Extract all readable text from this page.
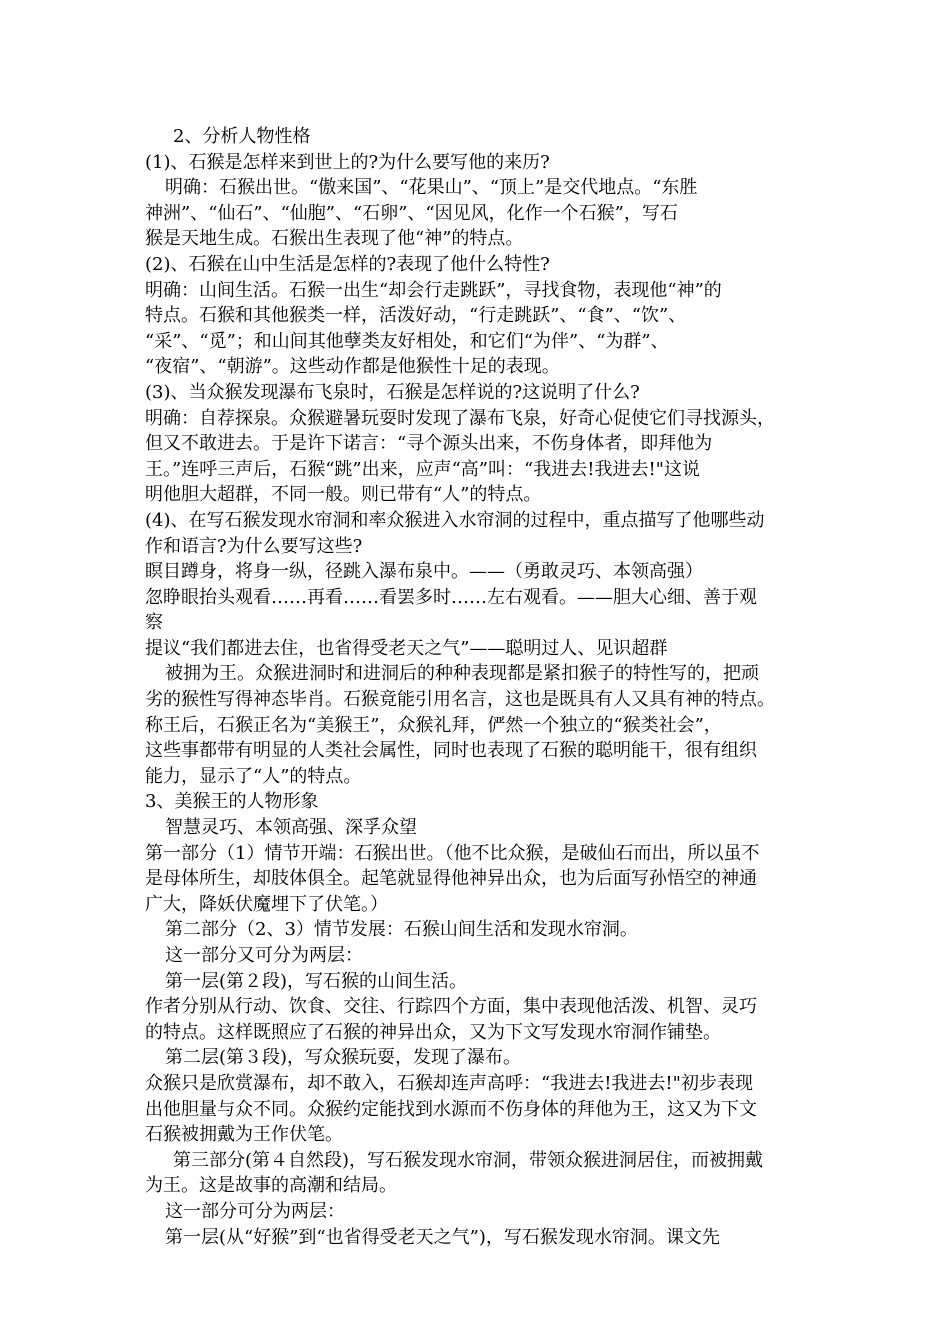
2、分析人物性格
(1)、石猴是怎样来到世上的?为什么要写他的来历?
明确：石猴出世。“傲来国”、“花果山”、“顶上”是交代地点。“东胜
神洲”、“仙石”、“仙胞”、“石卵”、“因见风，化作一个石猴”，写石
猴是天地生成。石猴出生表现了他“神”的特点。
(2)、石猴在山中生活是怎样的?表现了他什么特性?
明确：山间生活。石猴一出生“却会行走跳跃”，寻找食物，表现他“神”的
特点。石猴和其他猴类一样，活泼好动，“行走跳跃”、“食”、“饮”、
“采”、“觅”；和山间其他孽类友好相处，和它们“为伴”、“为群”、
“夜宿”、“朝游”。这些动作都是他猴性十足的表现。
(3)、当众猴发现瀑布飞泉时，石猴是怎样说的?这说明了什么?
明确：自荐探泉。众猴避暑玩耍时发现了瀑布飞泉，好奇心促使它们寻找源头，
但又不敢进去。于是许下诺言：“寻个源头出来，不伤身体者，即拜他为
王。”连呼三声后，石猴“跳”出来，应声“高”叫：“我进去!我进去!"这说
明他胆大超群，不同一般。则已带有“人”的特点。
(4)、在写石猴发现水帘洞和率众猴进入水帘洞的过程中，重点描写了他哪些动
作和语言?为什么要写这些?
瞑目蹲身，将身一纵，径跳入瀑布泉中。——（勇敢灵巧、本领高强）
忽睁眼抬头观看……再看……看罢多时……左右观看。——胆大心细、善于观
察
提议“我们都进去住，也省得受老天之气”——聪明过人、见识超群
被拥为王。众猴进洞时和进洞后的种种表现都是紧扣猴子的特性写的，把顽
劣的猴性写得神态毕肖。石猴竟能引用名言，这也是既具有人又具有神的特点。
称王后，石猴正名为“美猴王”，众猴礼拜，俨然一个独立的“猴类社会”，
这些事都带有明显的人类社会属性，同时也表现了石猴的聪明能干，很有组织
能力，显示了“人”的特点。
3、美猴王的人物形象
智慧灵巧、本领高强、深孚众望
第一部分（1）情节开端：石猴出世。（他不比众猴，是破仙石而出，所以虽不
是母体所生，却肢体俱全。起笔就显得他神异出众，也为后面写孙悟空的神通
广大，降妖伏魔埋下了伏笔。）
第二部分（2、3）情节发展：石猴山间生活和发现水帘洞。
这一部分又可分为两层：
第一层(第２段)，写石猴的山间生活。
作者分别从行动、饮食、交往、行踪四个方面，集中表现他活泼、机智、灵巧
的特点。这样既照应了石猴的神异出众，又为下文写发现水帘洞作铺垫。
第二层(第３段)，写众猴玩耍，发现了瀑布。
众猴只是欣赏瀑布，却不敢入，石猴却连声高呼：“我进去!我进去!"初步表现
出他胆量与众不同。众猴约定能找到水源而不伤身体的拜他为王，这又为下文
石猴被拥戴为王作伏笔。
第三部分(第４自然段)，写石猴发现水帘洞，带领众猴进洞居住，而被拥戴
为王。这是故事的高潮和结局。
这一部分可分为两层：
第一层(从“好猴”到“也省得受老天之气”)，写石猴发现水帘洞。课文先
